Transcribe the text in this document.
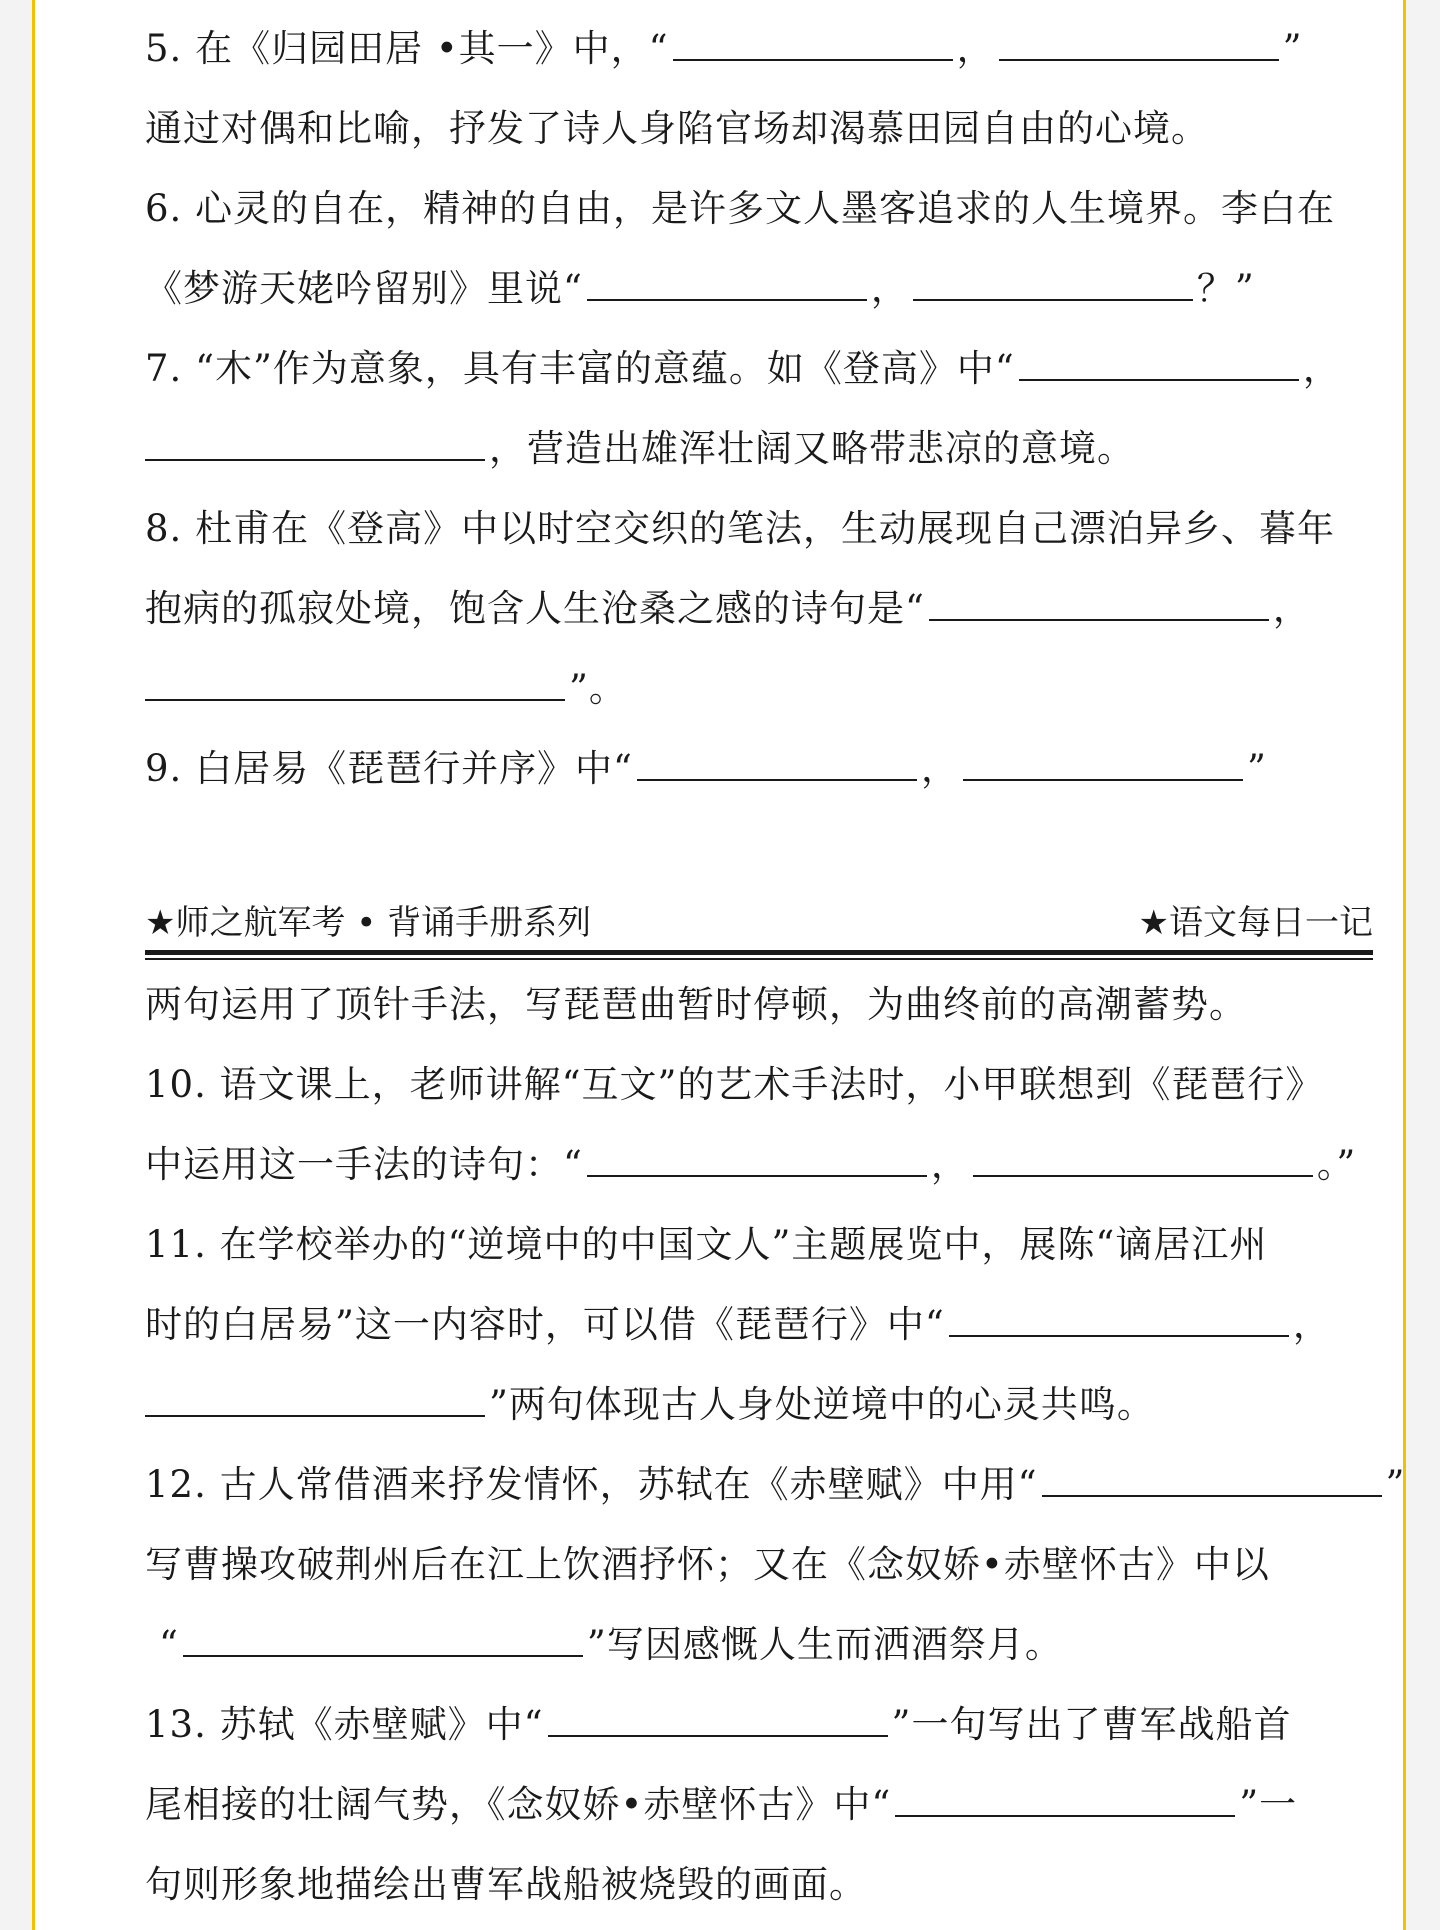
5. 在《归园田居 •其一》中，“	，	”
通过对偶和比喻，抒发了诗人身陷官场却渴慕田园自由的心境。
6. 心灵的自在，精神的自由，是许多文人墨客追求的人生境界。李白在
《梦游天姥吟留别》里说“	，	？”
7. “木”作为意象，具有丰富的意蕴。如《登高》中“	，
，营造出雄浑壮阔又略带悲凉的意境。
8. 杜甫在《登高》中以时空交织的笔法，生动展现自己漂泊异乡、暮年
抱病的孤寂处境，饱含人生沧桑之感的诗句是“	，
”。
9. 白居易《琵琶行并序》中“	，	”
★师之航军考 • 背诵手册系列	★语文每日一记
两句运用了顶针手法，写琵琶曲暂时停顿，为曲终前的高潮蓄势。
10. 语文课上，老师讲解“互文”的艺术手法时，小甲联想到《琵琶行》
中运用这一手法的诗句：“	，	。”
11. 在学校举办的“逆境中的中国文人”主题展览中，展陈“谪居江州
时的白居易”这一内容时，可以借《琵琶行》中“	，
”两句体现古人身处逆境中的心灵共鸣。
12. 古人常借酒来抒发情怀，苏轼在《赤壁赋》中用“	”
写曹操攻破荆州后在江上饮酒抒怀；又在《念奴娇•赤壁怀古》中以
“	”写因感慨人生而洒酒祭月。
13. 苏轼《赤壁赋》中“	”一句写出了曹军战船首
尾相接的壮阔气势，《念奴娇•赤壁怀古》中“	”一
句则形象地描绘出曹军战船被烧毁的画面。
